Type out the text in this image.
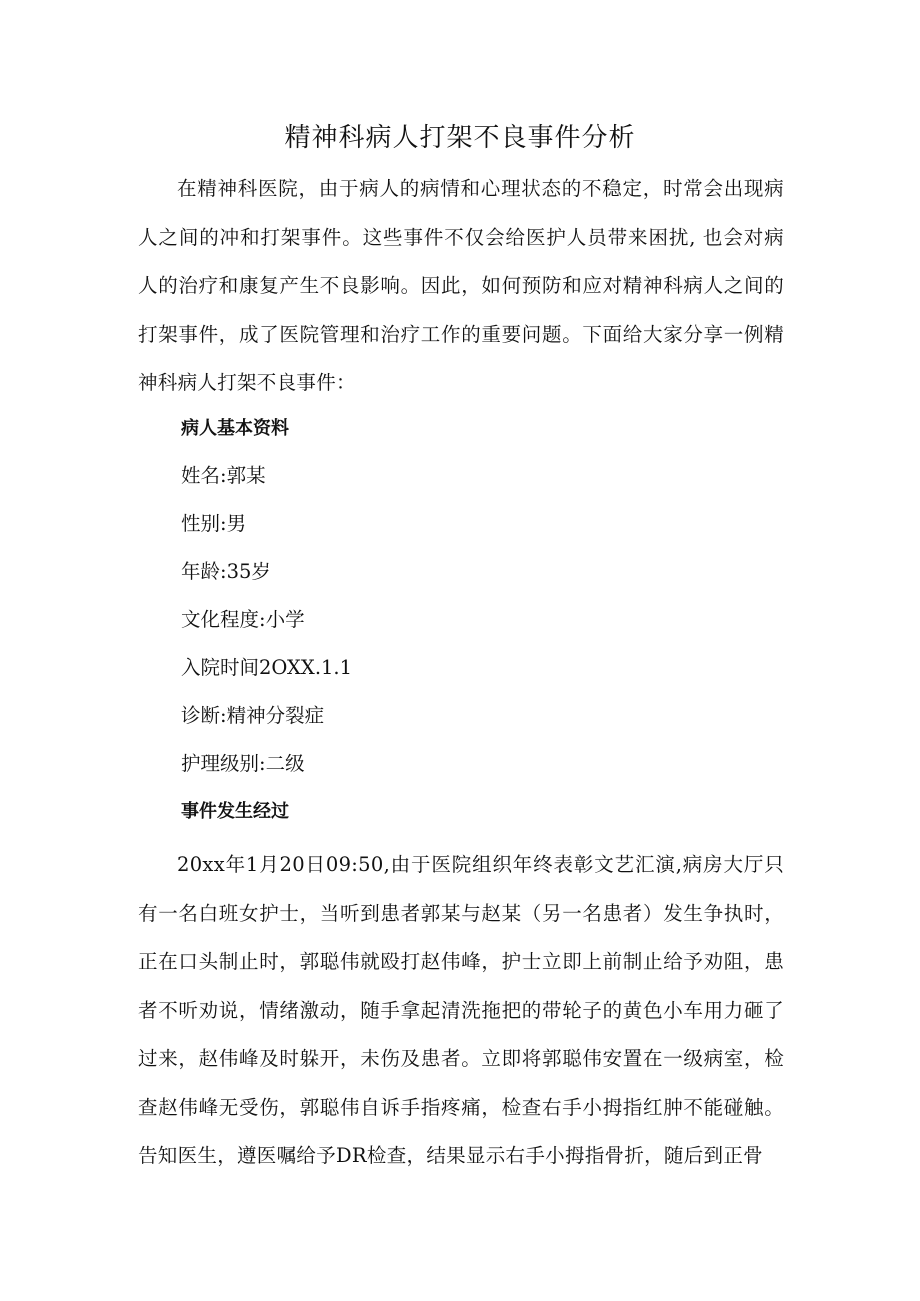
精神科病人打架不良事件分析

在精神科医院，由于病人的病情和心理状态的不稳定，时常会出现病人之间的冲和打架事件。这些事件不仅会给医护人员带来困扰, 也会对病人的治疗和康复产生不良影响。因此，如何预防和应对精神科病人之间的打架事件，成了医院管理和治疗工作的重要问题。下面给大家分享一例精神科病人打架不良事件：

病人基本资料
姓名:郭某
性别:男
年龄:35岁
文化程度:小学
入院时间2OXX.1.1
诊断:精神分裂症
护理级别:二级
事件发生经过

20xx年1月20日09:50,由于医院组织年终表彰文艺汇演,病房大厅只有一名白班女护士，当听到患者郭某与赵某（另一名患者）发生争执时，正在口头制止时，郭聪伟就殴打赵伟峰，护士立即上前制止给予劝阻，患者不听劝说，情绪激动，随手拿起清洗拖把的带轮子的黄色小车用力砸了过来，赵伟峰及时躲开，未伤及患者。立即将郭聪伟安置在一级病室，检查赵伟峰无受伤，郭聪伟自诉手指疼痛，检查右手小拇指红肿不能碰触。告知医生，遵医嘱给予DR检查，结果显示右手小拇指骨折，随后到正骨
